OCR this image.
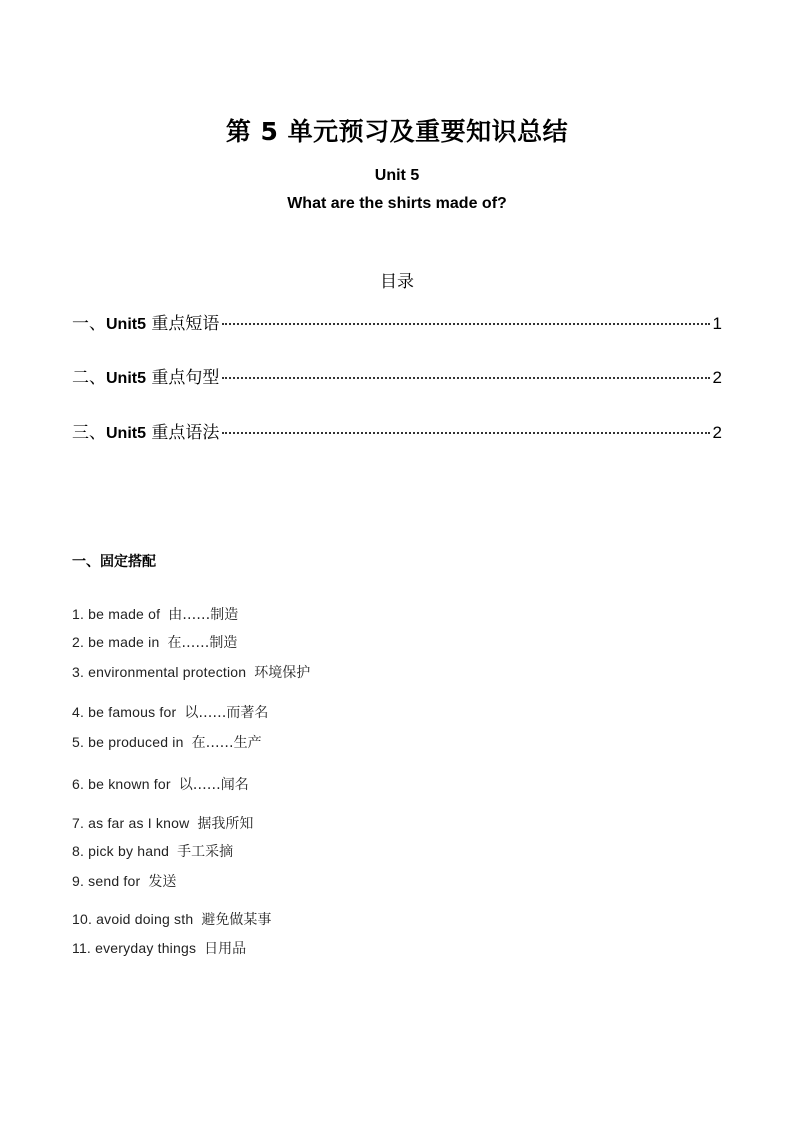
第 5 单元预习及重要知识总结
Unit 5
What are the shirts made of?
目录
一、Unit5 重点短语	1
二、Unit5 重点句型	2
三、Unit5 重点语法	2
一、固定搭配
1. be made of 由……制造
2. be made in 在……制造
3. environmental protection 环境保护
4. be famous for 以……而著名
5. be produced in 在……生产
6. be known for 以……闻名
7. as far as I know 据我所知
8. pick by hand 手工采摘
9. send for 发送
10. avoid doing sth 避免做某事
11. everyday things 日用品
